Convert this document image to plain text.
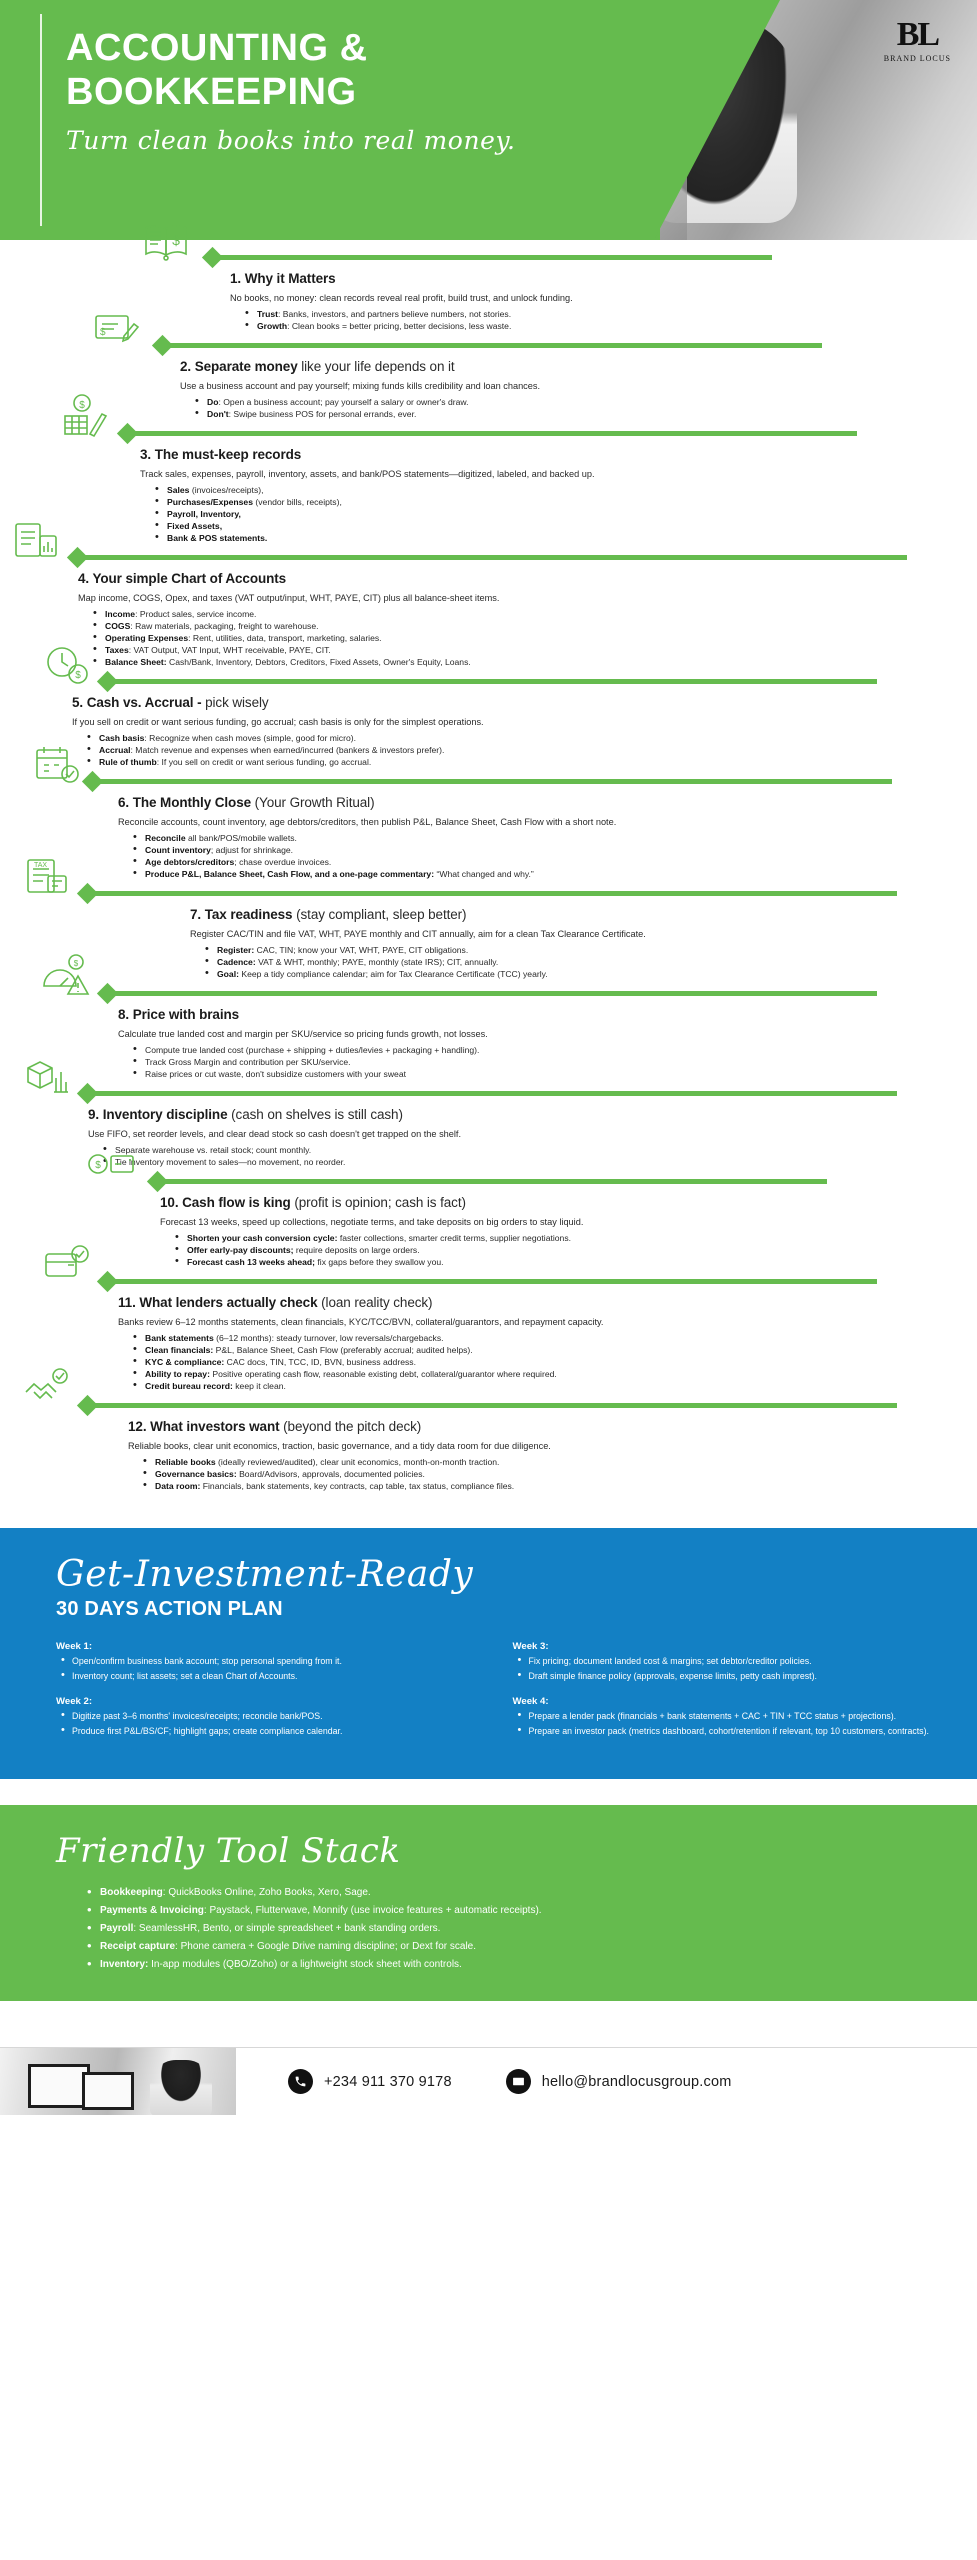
ACCOUNTING &
BOOKKEEPING
Turn clean books into real money.
BL
BRAND LOCUS
$
1. Why it Matters
No books, no money: clean records reveal real profit, build trust, and unlock funding.
• Trust: Banks, investors, and partners believe numbers, not stories.
• Growth: Clean books = better pricing, better decisions, less waste.
$
2. Separate money like your life depends on it
Use a business account and pay yourself; mixing funds kills credibility and loan chances.
• Do: Open a business account; pay yourself a salary or owner's draw.
• Don't: Swipe business POS for personal errands, ever.
$
3. The must-keep records
Track sales, expenses, payroll, inventory, assets, and bank/POS statements—digitized, labeled, and backed up.
• Sales (invoices/receipts),
• Purchases/Expenses (vendor bills, receipts),
• Payroll, Inventory,
• Fixed Assets,
• Bank & POS statements.
4. Your simple Chart of Accounts
Map income, COGS, Opex, and taxes (VAT output/input, WHT, PAYE, CIT) plus all balance-sheet items.
• Income: Product sales, service income.
• COGS: Raw materials, packaging, freight to warehouse.
• Operating Expenses: Rent, utilities, data, transport, marketing, salaries.
• Taxes: VAT Output, VAT Input, WHT receivable, PAYE, CIT.
• Balance Sheet: Cash/Bank, Inventory, Debtors, Creditors, Fixed Assets, Owner's Equity, Loans.
$
5. Cash vs. Accrual - pick wisely
If you sell on credit or want serious funding, go accrual; cash basis is only for the simplest operations.
• Cash basis: Recognize when cash moves (simple, good for micro).
• Accrual: Match revenue and expenses when earned/incurred (bankers & investors prefer).
• Rule of thumb: If you sell on credit or want serious funding, go accrual.
6. The Monthly Close (Your Growth Ritual)
Reconcile accounts, count inventory, age debtors/creditors, then publish P&L, Balance Sheet, Cash Flow with a short note.
• Reconcile all bank/POS/mobile wallets.
• Count inventory; adjust for shrinkage.
• Age debtors/creditors; chase overdue invoices.
• Produce P&L, Balance Sheet, Cash Flow, and a one-page commentary: “What changed and why.”
TAX
7. Tax readiness (stay compliant, sleep better)
Register CAC/TIN and file VAT, WHT, PAYE monthly and CIT annually, aim for a clean Tax Clearance Certificate.
• Register: CAC, TIN; know your VAT, WHT, PAYE, CIT obligations.
• Cadence: VAT & WHT, monthly; PAYE, monthly (state IRS); CIT, annually.
• Goal: Keep a tidy compliance calendar; aim for Tax Clearance Certificate (TCC) yearly.
$
8. Price with brains
Calculate true landed cost and margin per SKU/service so pricing funds growth, not losses.
• Compute true landed cost (purchase + shipping + duties/levies + packaging + handling).
• Track Gross Margin and contribution per SKU/service.
• Raise prices or cut waste, don't subsidize customers with your sweat
9. Inventory discipline (cash on shelves is still cash)
Use FIFO, set reorder levels, and clear dead stock so cash doesn't get trapped on the shelf.
• Separate warehouse vs. retail stock; count monthly.
• Tie inventory movement to sales—no movement, no reorder.
$
10. Cash flow is king (profit is opinion; cash is fact)
Forecast 13 weeks, speed up collections, negotiate terms, and take deposits on big orders to stay liquid.
• Shorten your cash conversion cycle: faster collections, smarter credit terms, supplier negotiations.
• Offer early-pay discounts; require deposits on large orders.
• Forecast cash 13 weeks ahead; fix gaps before they swallow you.
11. What lenders actually check (loan reality check)
Banks review 6–12 months statements, clean financials, KYC/TCC/BVN, collateral/guarantors, and repayment capacity.
• Bank statements (6–12 months): steady turnover, low reversals/chargebacks.
• Clean financials: P&L, Balance Sheet, Cash Flow (preferably accrual; audited helps).
• KYC & compliance: CAC docs, TIN, TCC, ID, BVN, business address.
• Ability to repay: Positive operating cash flow, reasonable existing debt, collateral/guarantor where required.
• Credit bureau record: keep it clean.
12. What investors want (beyond the pitch deck)
Reliable books, clear unit economics, traction, basic governance, and a tidy data room for due diligence.
• Reliable books (ideally reviewed/audited), clear unit economics, month-on-month traction.
• Governance basics: Board/Advisors, approvals, documented policies.
• Data room: Financials, bank statements, key contracts, cap table, tax status, compliance files.
Get-Investment-Ready
30 DAYS ACTION PLAN
Week 1:
• Open/confirm business bank account; stop personal spending from it.
• Inventory count; list assets; set a clean Chart of Accounts.
Week 2:
• Digitize past 3–6 months' invoices/receipts; reconcile bank/POS.
• Produce first P&L/BS/CF; highlight gaps; create compliance calendar.
Week 3:
• Fix pricing; document landed cost & margins; set debtor/creditor policies.
• Draft simple finance policy (approvals, expense limits, petty cash imprest).
Week 4:
• Prepare a lender pack (financials + bank statements + CAC + TIN + TCC status + projections).
• Prepare an investor pack (metrics dashboard, cohort/retention if relevant, top 10 customers, contracts).
Friendly Tool Stack
• Bookkeeping: QuickBooks Online, Zoho Books, Xero, Sage.
• Payments & Invoicing: Paystack, Flutterwave, Monnify (use invoice features + automatic receipts).
• Payroll: SeamlessHR, Bento, or simple spreadsheet + bank standing orders.
• Receipt capture: Phone camera + Google Drive naming discipline; or Dext for scale.
• Inventory: In-app modules (QBO/Zoho) or a lightweight stock sheet with controls.
+234 911 370 9178	hello@brandlocusgroup.com
